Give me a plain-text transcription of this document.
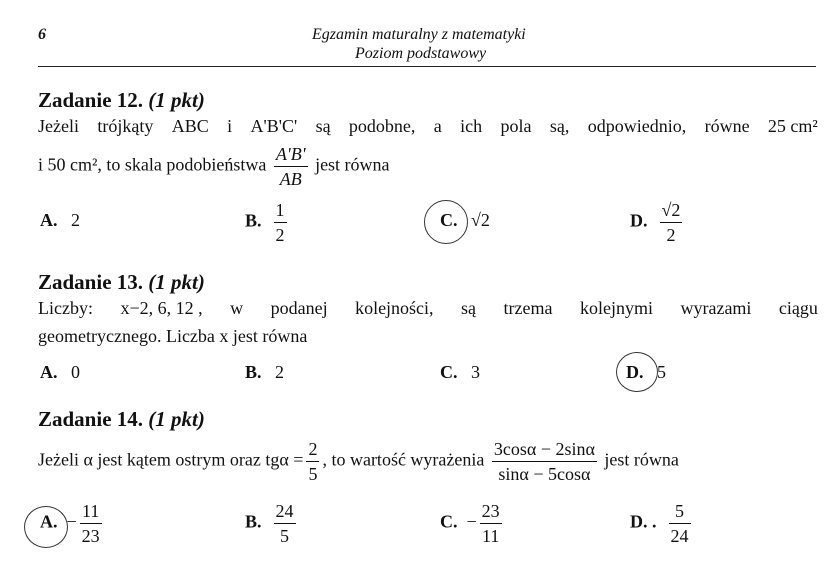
6	Egzamin maturalny z matematyki
Poziom podstawowy
Zadanie 12. (1 pkt)
Jeżeli trójkąty ABC i A'B'C' są podobne, a ich pola są, odpowiednio, równe 25 cm²
i 50 cm², to skala podobieństwa $\frac{A'B'}{AB}$ jest równa
A. 2	B. $\frac{1}{2}$	C. √2	D. $\frac{√2}{2}$
Zadanie 13. (1 pkt)
Liczby: x−2, 6, 12 , w podanej kolejności, są trzema kolejnymi wyrazami ciągu
geometrycznego. Liczba x jest równa
A. 0	B. 2	C. 3	D. 5
Zadanie 14. (1 pkt)
Jeżeli α jest kątem ostrym oraz $tg\alpha = \frac{2}{5}$ , to wartość wyrażenia $\frac{3\cos\alpha - 2\sin\alpha}{\sin\alpha - 5\cos\alpha}$ jest równa
A. − $\frac{11}{23}$	B. $\frac{24}{5}$	C. − $\frac{23}{11}$	D. . $\frac{5}{24}$
